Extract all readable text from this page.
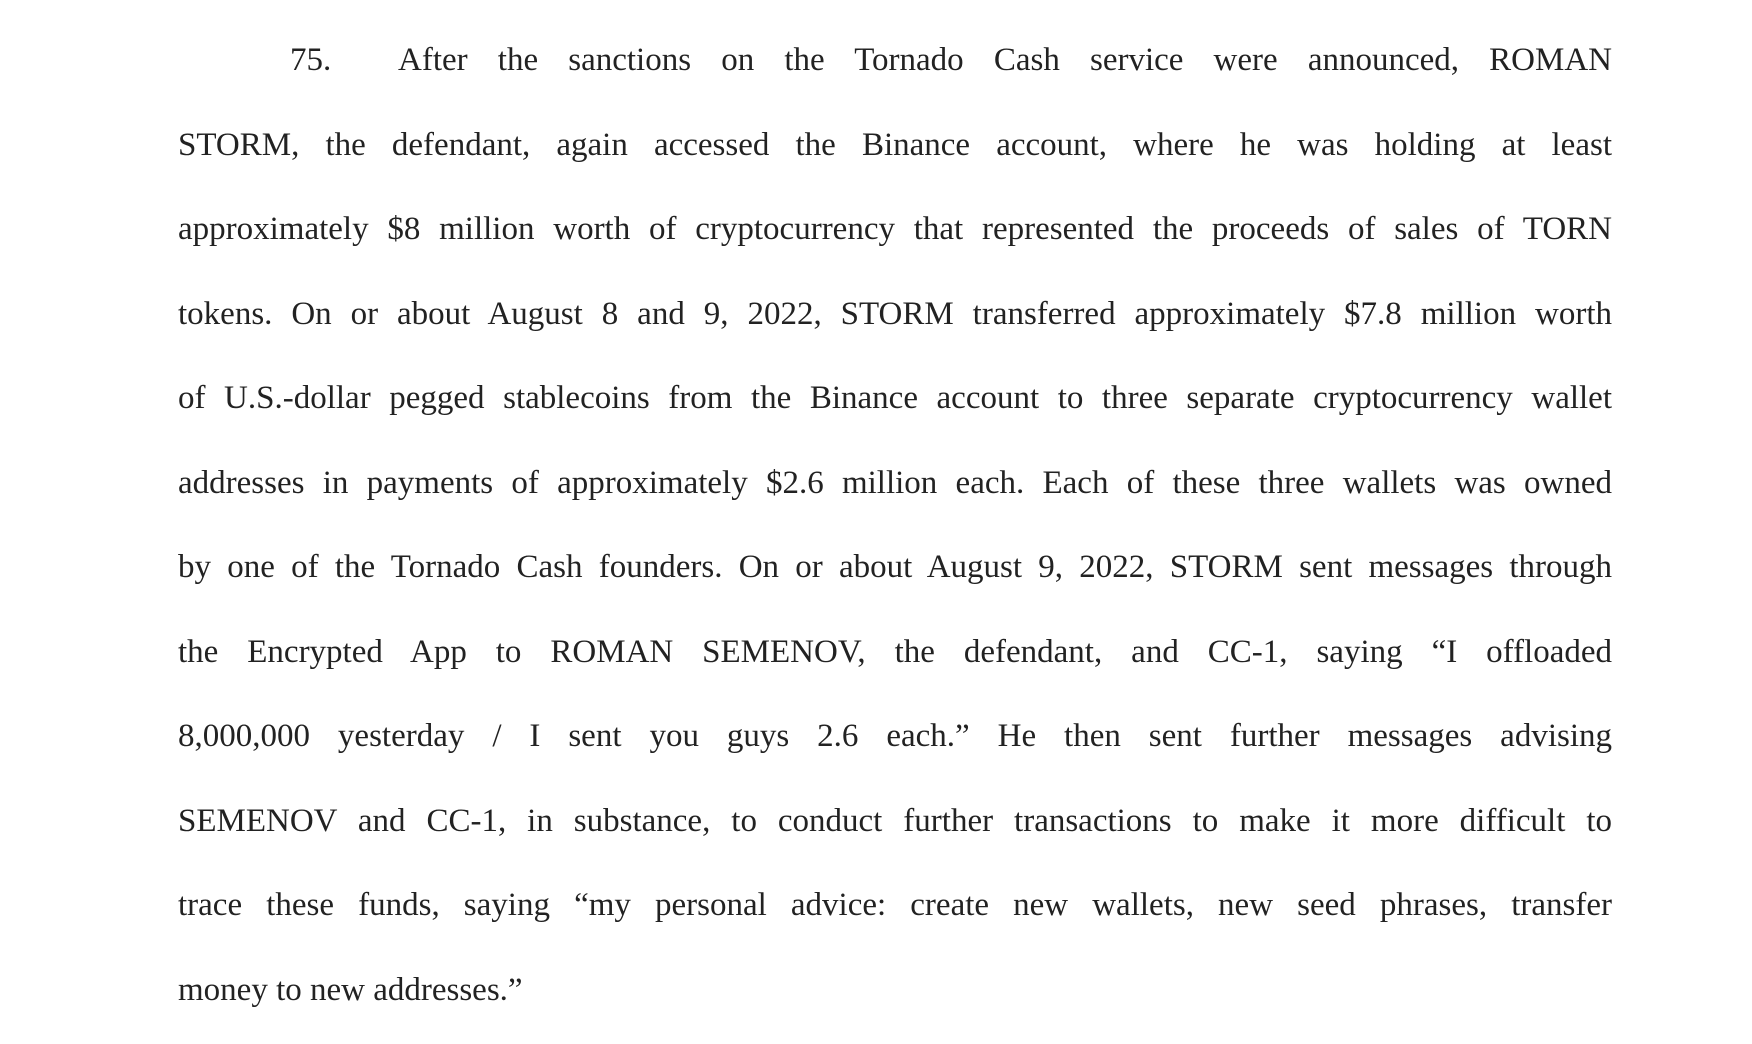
75.	After the sanctions on the Tornado Cash service were announced, ROMAN
STORM, the defendant, again accessed the Binance account, where he was holding at least
approximately $8 million worth of cryptocurrency that represented the proceeds of sales of TORN
tokens. On or about August 8 and 9, 2022, STORM transferred approximately $7.8 million worth
of U.S.-dollar pegged stablecoins from the Binance account to three separate cryptocurrency wallet
addresses in payments of approximately $2.6 million each. Each of these three wallets was owned
by one of the Tornado Cash founders. On or about August 9, 2022, STORM sent messages through
the Encrypted App to ROMAN SEMENOV, the defendant, and CC-1, saying “I offloaded
8,000,000 yesterday / I sent you guys 2.6 each.” He then sent further messages advising
SEMENOV and CC-1, in substance, to conduct further transactions to make it more difficult to
trace these funds, saying “my personal advice: create new wallets, new seed phrases, transfer
money to new addresses.”
